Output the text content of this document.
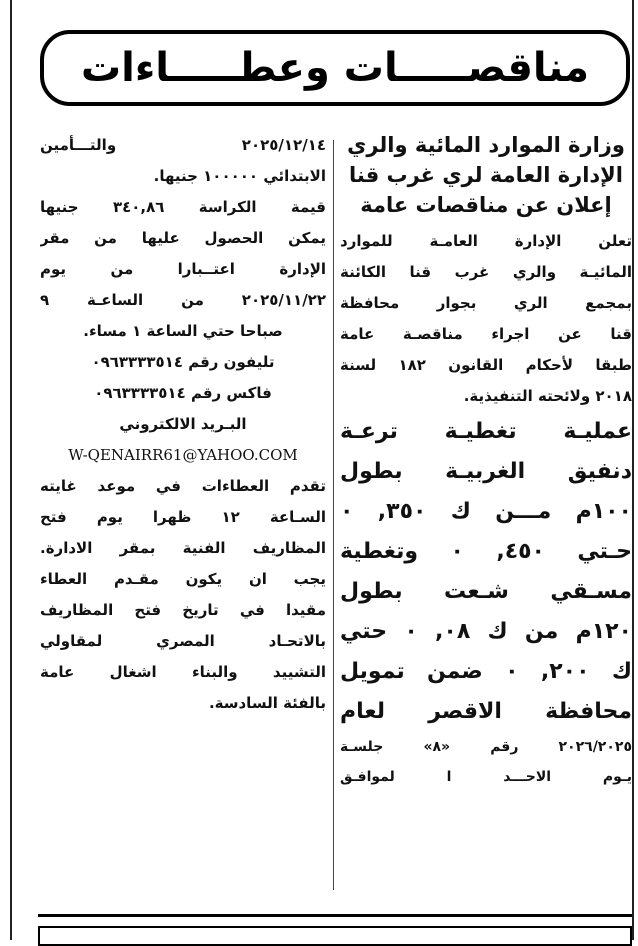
مناقصـــــات وعطـــــاءات

وزارة الموارد المائية والري

الإدارة العامة لري غرب قنا

إعلان عن مناقصات عامة

تعلن الإدارة العامـة للموارد

المائيـة والري غرب قنا الكائنة

بمجمع الري بجوار محافظة

قنا عن اجراء مناقصـة عامة

طبقا لأحكام القانون ١٨٢ لسنة

٢٠١٨ ولائحته التنفيذية.

عمليـة تغطيـة ترعـة

دنفيق الغربيـة بطول

١٠٠م مـــن ك ٣٥٠, ٠

حـتي ٤٥٠, ٠ وتغطية

مسـقي شـعت بطول

١٢٠م من ك ٠٨, ٠ حتي

ك ٢٠٠, ٠ ضمن تمويل

محافظة الاقصر لعام

٢٠٢٦/٢٠٢٥ رقم «٨» جلسـة

يـوم الاحـــد ا لموافـق

٢٠٢٥/١٢/١٤ والتـــأمين

الابتدائي ١٠٠٠٠٠ جنيها.

قيمة الكراسة ٣٤٠,٨٦ جنيها

يمكن الحصول عليها من مقر

الإدارة اعتــبارا من يوم

٢٠٢٥/١١/٢٢ من الساعـة ٩

صباحا حتي الساعة ١ مساء.

تليفون رقم ٠٩٦٣٣٣٣٥١٤

فاكس رقم ٠٩٦٣٣٣٣٥١٤

البـريد الالكتروني

W-QENAIRR61@YAHOO.COM

تقدم العطاءات في موعد غايته

السـاعة ١٢ ظهرا يوم فتح

المظاريف الفنية بمقر الادارة.

يجب ان يكون مقـدم العطاء

مقيدا في تاريخ فتح المظاريف

بالاتحـاد المصري لمقاولي

التشييد والبناء اشغال عامة

بالفئة السادسة.
